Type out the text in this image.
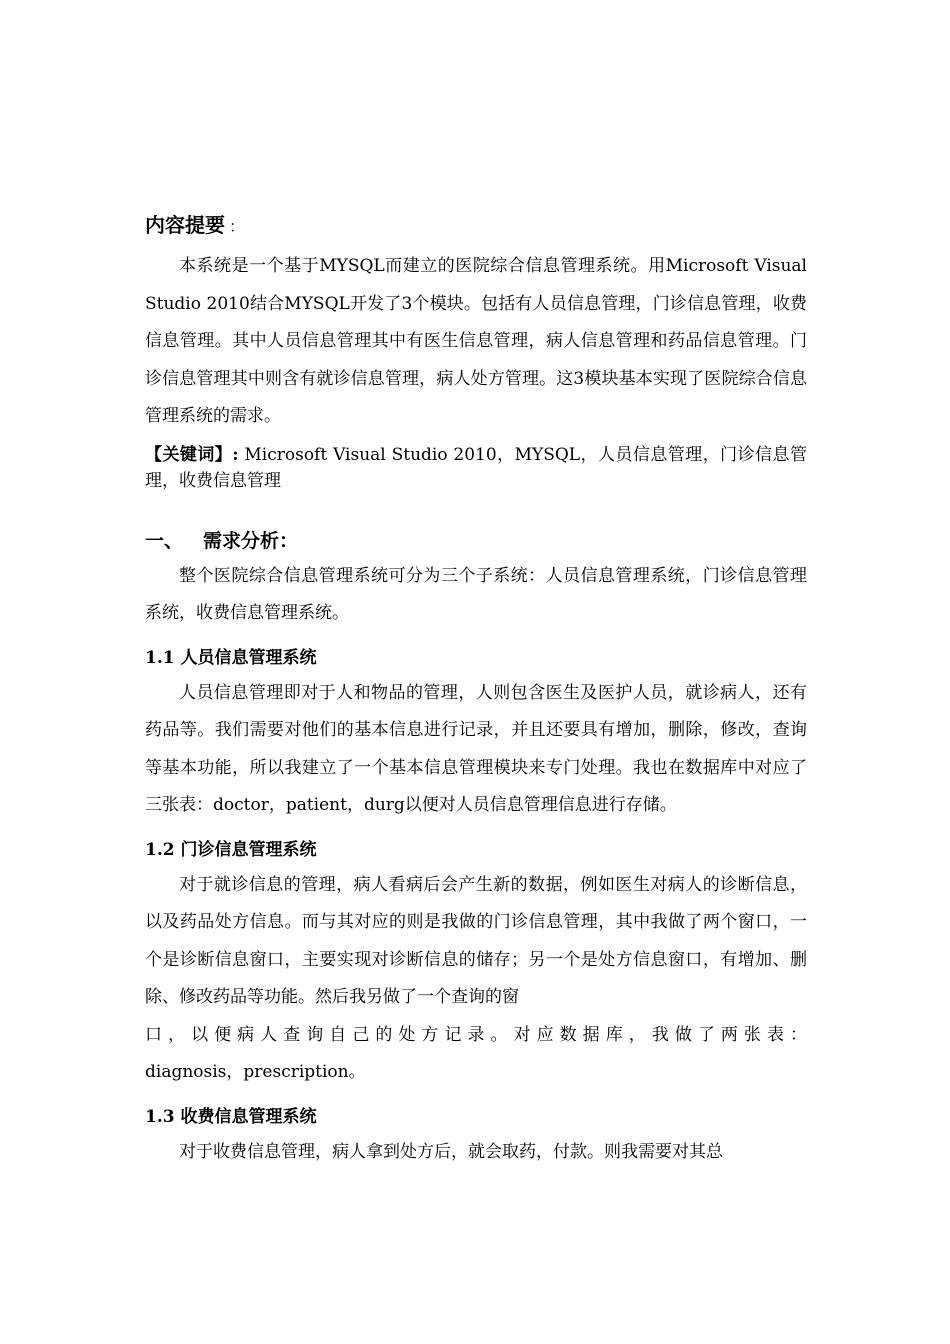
内容提要 ：

本系统是一个基于MYSQL而建立的医院综合信息管理系统。用Microsoft Visual Studio 2010结合MYSQL开发了3个模块。包括有人员信息管理，门诊信息管理，收费信息管理。其中人员信息管理其中有医生信息管理，病人信息管理和药品信息管理。门诊信息管理其中则含有就诊信息管理，病人处方管理。这3模块基本实现了医院综合信息管理系统的需求。

【关键词】: Microsoft Visual Studio 2010，MYSQL，人员信息管理，门诊信息管理，收费信息管理

一、	需求分析：

整个医院综合信息管理系统可分为三个子系统：人员信息管理系统，门诊信息管理系统，收费信息管理系统。

1.1 人员信息管理系统

人员信息管理即对于人和物品的管理，人则包含医生及医护人员，就诊病人，还有药品等。我们需要对他们的基本信息进行记录，并且还要具有增加，删除，修改，查询等基本功能，所以我建立了一个基本信息管理模块来专门处理。我也在数据库中对应了三张表：doctor，patient，durg以便对人员信息管理信息进行存储。

1.2 门诊信息管理系统

对于就诊信息的管理，病人看病后会产生新的数据，例如医生对病人的诊断信息，以及药品处方信息。而与其对应的则是我做的门诊信息管理，其中我做了两个窗口，一个是诊断信息窗口，主要实现对诊断信息的储存；另一个是处方信息窗口，有增加、删除、修改药品等功能。然后我另做了一个查询的窗

口，以便病人查询自己的处方记录。对应数据库，我做了两张表：

diagnosis，prescription。

1.3 收费信息管理系统

对于收费信息管理，病人拿到处方后，就会取药，付款。则我需要对其总
